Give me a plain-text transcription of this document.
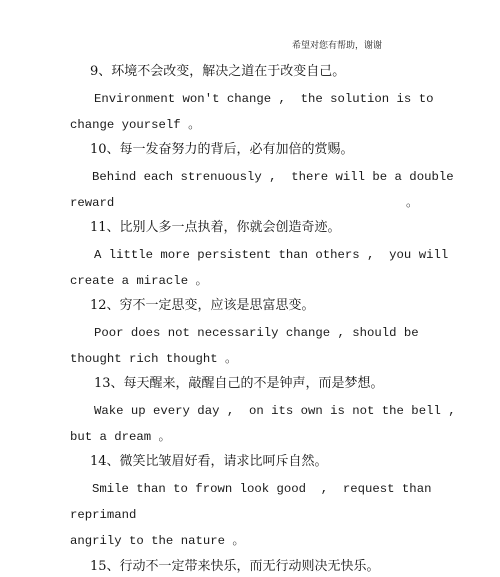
希望对您有帮助，谢谢
9、环境不会改变，解决之道在于改变自己。
Environment won't change ,  the solution is to
change yourself 。
10、每一发奋努力的背后，必有加倍的赏赐。
Behind each strenuously ,  there will be a double
reward	。
11、比别人多一点执着，你就会创造奇迹。
A little more persistent than others ,  you will
create a miracle 。
12、穷不一定思变，应该是思富思变。
Poor does not necessarily change , should be
thought rich thought 。
13、每天醒来，敲醒自己的不是钟声，而是梦想。
Wake up every day ,  on its own is not the bell ,
but a dream 。
14、微笑比皱眉好看，请求比呵斥自然。
Smile than to frown look good  ,  request than
reprimand
angrily to the nature 。
15、行动不一定带来快乐，而无行动则决无快乐。
